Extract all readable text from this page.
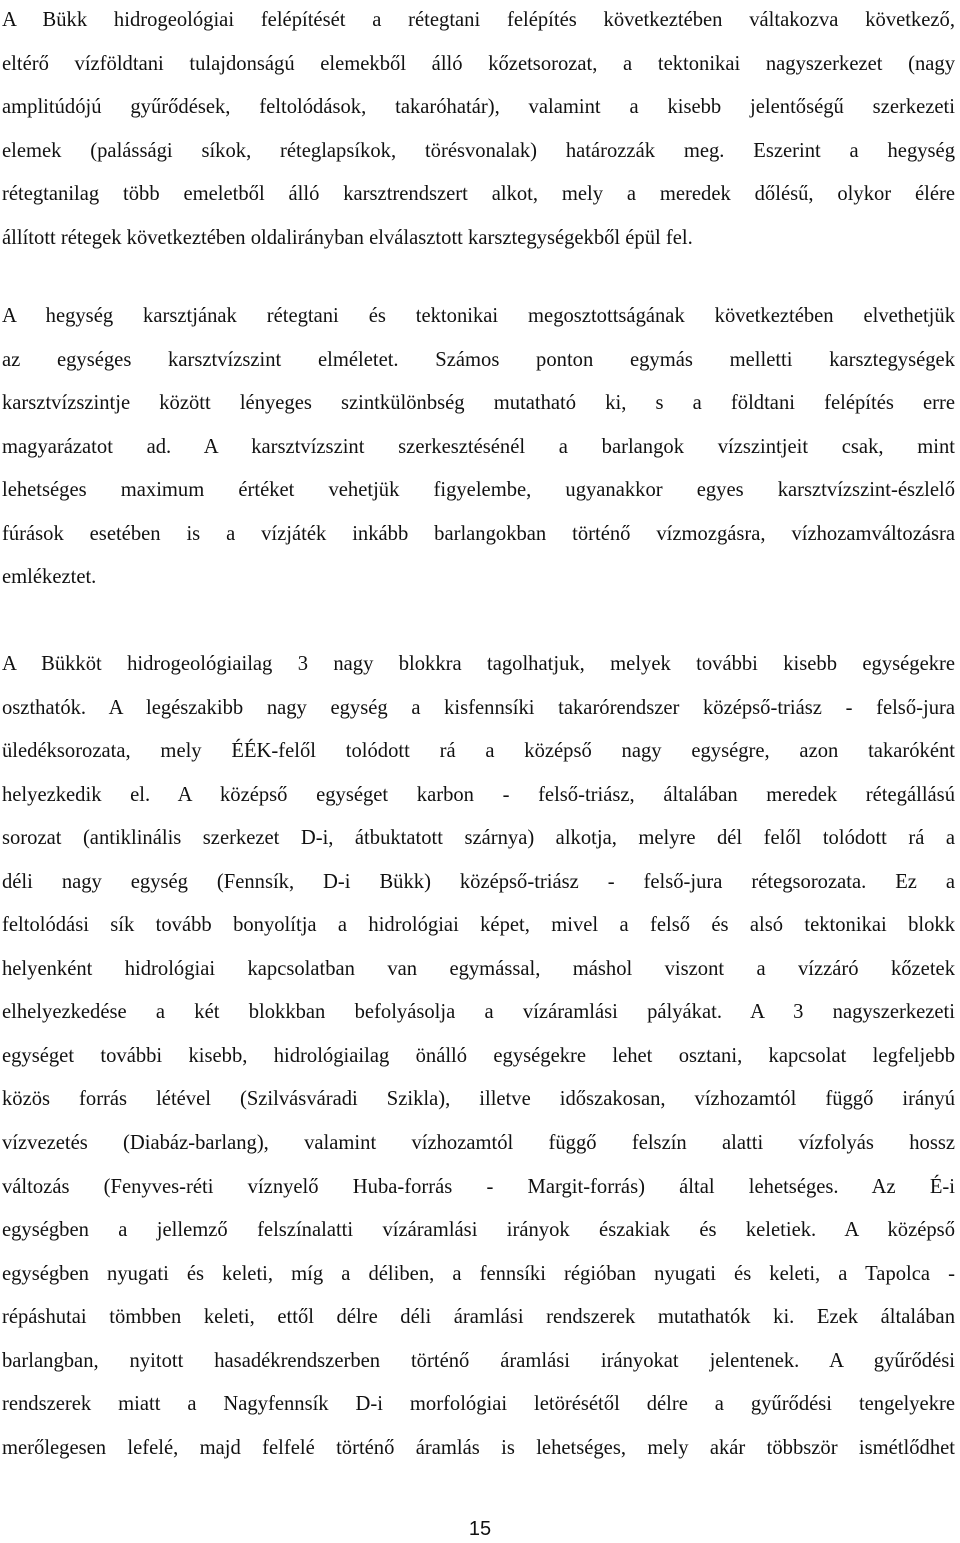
A Bükk hidrogeológiai felépítését a rétegtani felépítés következtében váltakozva következő,
eltérő vízföldtani tulajdonságú elemekből álló kőzetsorozat, a tektonikai nagyszerkezet (nagy
amplitúdójú gyűrődések, feltolódások, takaróhatár), valamint a kisebb jelentőségű szerkezeti
elemek (palássági síkok, réteglapsíkok, törésvonalak) határozzák meg. Eszerint a hegység
rétegtanilag több emeletből álló karsztrendszert alkot, mely a meredek dőlésű, olykor élére
állított rétegek következtében oldalirányban elválasztott karsztegységekből épül fel.
A hegység karsztjának rétegtani és tektonikai megosztottságának következtében elvethetjük
az egységes karsztvízszint elméletet. Számos ponton egymás melletti karsztegységek
karsztvízszintje között lényeges szintkülönbség mutatható ki, s a földtani felépítés erre
magyarázatot ad. A karsztvízszint szerkesztésénél a barlangok vízszintjeit csak, mint
lehetséges maximum értéket vehetjük figyelembe, ugyanakkor egyes karsztvízszint-észlelő
fúrások esetében is a vízjáték inkább barlangokban történő vízmozgásra, vízhozamváltozásra
emlékeztet.
A Bükköt hidrogeológiailag 3 nagy blokkra tagolhatjuk, melyek további kisebb egységekre
oszthatók. A legészakibb nagy egység a kisfennsíki takarórendszer középső-triász - felső-jura
üledéksorozata, mely ÉÉK-felől tolódott rá a középső nagy egységre, azon takaróként
helyezkedik el. A középső egységet karbon - felső-triász, általában meredek rétegállású
sorozat (antiklinális szerkezet D-i, átbuktatott szárnya) alkotja, melyre dél felől tolódott rá a
déli nagy egység (Fennsík, D-i Bükk) középső-triász - felső-jura rétegsorozata. Ez a
feltolódási sík tovább bonyolítja a hidrológiai képet, mivel a felső és alsó tektonikai blokk
helyenként hidrológiai kapcsolatban van egymással, máshol viszont a vízzáró kőzetek
elhelyezkedése a két blokkban befolyásolja a vízáramlási pályákat. A 3 nagyszerkezeti
egységet további kisebb, hidrológiailag önálló egységekre lehet osztani, kapcsolat legfeljebb
közös forrás létével (Szilvásváradi Szikla), illetve időszakosan, vízhozamtól függő irányú
vízvezetés (Diabáz-barlang), valamint vízhozamtól függő felszín alatti vízfolyás hossz
változás (Fenyves-réti víznyelő Huba-forrás - Margit-forrás) által lehetséges. Az É-i
egységben a jellemző felszínalatti vízáramlási irányok északiak és keletiek. A középső
egységben nyugati és keleti, míg a déliben, a fennsíki régióban nyugati és keleti, a Tapolca -
répáshutai tömbben keleti, ettől délre déli áramlási rendszerek mutathatók ki. Ezek általában
barlangban, nyitott hasadékrendszerben történő áramlási irányokat jelentenek. A gyűrődési
rendszerek miatt a Nagyfennsík D-i morfológiai letörésétől délre a gyűrődési tengelyekre
merőlegesen lefelé, majd felfelé történő áramlás is lehetséges, mely akár többször ismétlődhet
15
